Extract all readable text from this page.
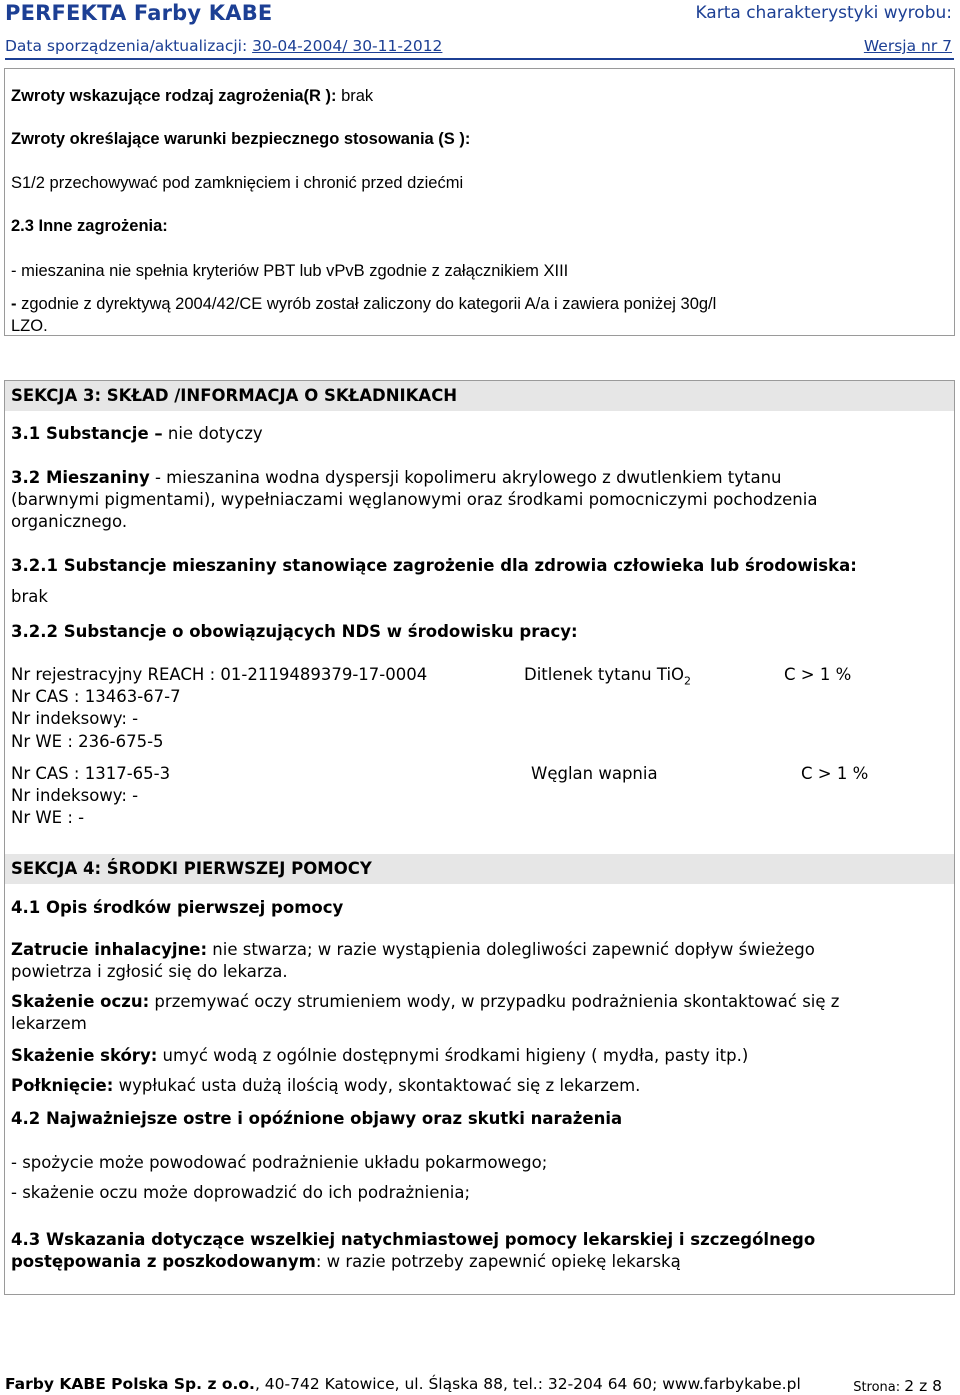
PERFEKTA Farby KABE	Karta charakterystyki wyrobu:
Data sporządzenia/aktualizacji: 30-04-2004/ 30-11-2012	Wersja nr 7
Zwroty wskazujące rodzaj zagrożenia(R ): brak
Zwroty określające warunki bezpiecznego stosowania (S ):
S1/2 przechowywać pod zamknięciem i chronić przed dziećmi
2.3 Inne zagrożenia:
- mieszanina nie spełnia kryteriów PBT lub vPvB zgodnie z załącznikiem XIII
- zgodnie z dyrektywą 2004/42/CE wyrób został zaliczony do kategorii A/a i zawiera poniżej 30g/l
LZO.
SEKCJA 3: SKŁAD /INFORMACJA O SKŁADNIKACH
3.1 Substancje – nie dotyczy
3.2 Mieszaniny - mieszanina wodna dyspersji kopolimeru akrylowego z dwutlenkiem tytanu
(barwnymi pigmentami), wypełniaczami węglanowymi oraz środkami pomocniczymi pochodzenia
organicznego.
3.2.1 Substancje mieszaniny stanowiące zagrożenie dla zdrowia człowieka lub środowiska:
brak
3.2.2 Substancje o obowiązujących NDS w środowisku pracy:
Nr rejestracyjny REACH : 01-2119489379-17-0004	Ditlenek tytanu TiO$_2$	C > 1 %
Nr CAS : 13463-67-7
Nr indeksowy: -
Nr WE : 236-675-5
Nr CAS : 1317-65-3	Węglan wapnia	C > 1 %
Nr indeksowy: -
Nr WE : -
SEKCJA 4: ŚRODKI PIERWSZEJ POMOCY
4.1 Opis środków pierwszej pomocy
Zatrucie inhalacyjne: nie stwarza; w razie wystąpienia dolegliwości zapewnić dopływ świeżego
powietrza i zgłosić się do lekarza.
Skażenie oczu: przemywać oczy strumieniem wody, w przypadku podrażnienia skontaktować się z
lekarzem
Skażenie skóry: umyć wodą z ogólnie dostępnymi środkami higieny ( mydła, pasty itp.)
Połknięcie: wypłukać usta dużą ilością wody, skontaktować się z lekarzem.
4.2 Najważniejsze ostre i opóźnione objawy oraz skutki narażenia
- spożycie może powodować podrażnienie układu pokarmowego;
- skażenie oczu może doprowadzić do ich podrażnienia;
4.3 Wskazania dotyczące wszelkiej natychmiastowej pomocy lekarskiej i szczególnego
postępowania z poszkodowanym: w razie potrzeby zapewnić opiekę lekarską
Farby KABE Polska Sp. z o.o., 40-742 Katowice, ul. Śląska 88, tel.: 32-204 64 60; www.farbykabe.pl	Strona: 2 z 8
